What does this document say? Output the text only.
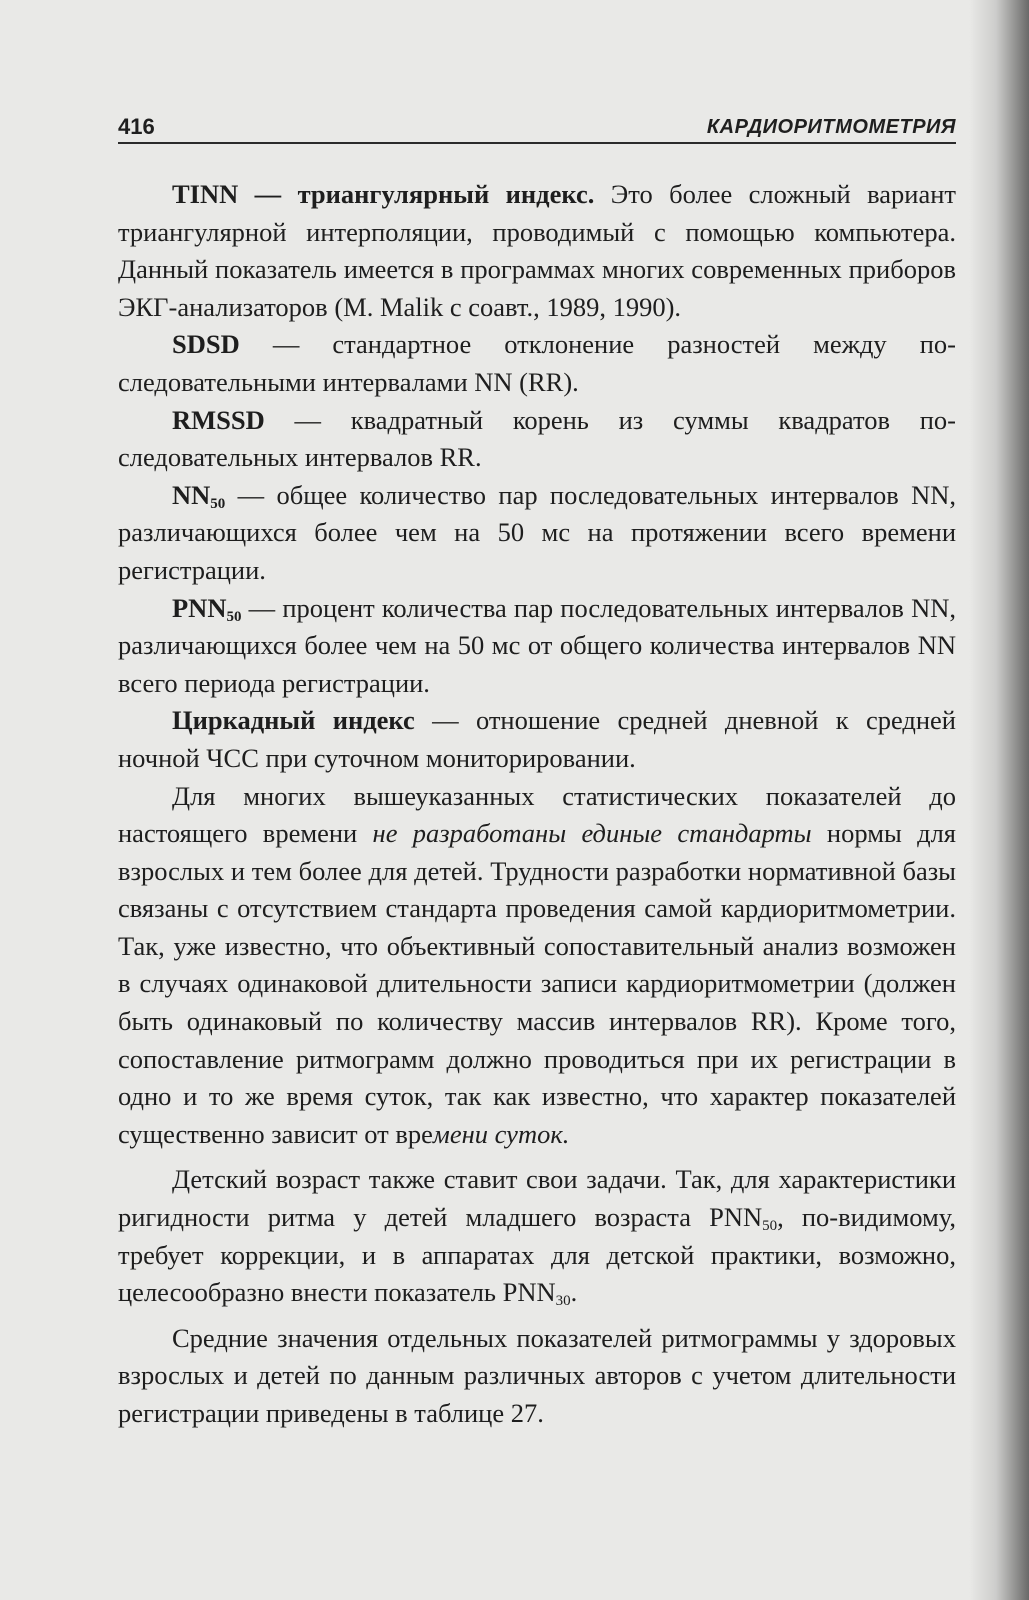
416	КАРДИОРИТМОМЕТРИЯ

TINN — триангулярный индекс. Это более сложный вариант триангулярной интерполяции, проводимый с помощью компьютера. Данный показатель имеется в программах многих современных приборов ЭКГ-анализаторов (М. Malik с соавт., 1989, 1990).

SDSD — стандартное отклонение разностей между последовательными интервалами NN (RR).

RMSSD — квадратный корень из суммы квадратов последовательных интервалов RR.

$NN_{50}$ — общее количество пар последовательных интервалов NN, различающихся более чем на 50 мс на протяжении всего времени регистрации.

$PNN_{50}$ — процент количества пар последовательных интервалов NN, различающихся более чем на 50 мс от общего количества интервалов NN всего периода регистрации.

Циркадный индекс — отношение средней дневной к средней ночной ЧСС при суточном мониторировании.

Для многих вышеуказанных статистических показателей до настоящего времени не разработаны единые стандарты нормы для взрослых и тем более для детей. Трудности разработки нормативной базы связаны с отсутствием стандарта проведения самой кардиоритмометрии. Так, уже известно, что объективный сопоставительный анализ возможен в случаях одинаковой длительности записи кардиоритмометрии (должен быть одинаковый по количеству массив интервалов RR). Кроме того, сопоставление ритмограмм должно проводиться при их регистрации в одно и то же время суток, так как известно, что характер показателей существенно зависит от времени суток.

Детский возраст также ставит свои задачи. Так, для характеристики ригидности ритма у детей младшего возраста $PNN_{50}$, по-видимому, требует коррекции, и в аппаратах для детской практики, возможно, целесообразно внести показатель $PNN_{30}$.

Средние значения отдельных показателей ритмограммы у здоровых взрослых и детей по данным различных авторов с учетом длительности регистрации приведены в таблице 27.
